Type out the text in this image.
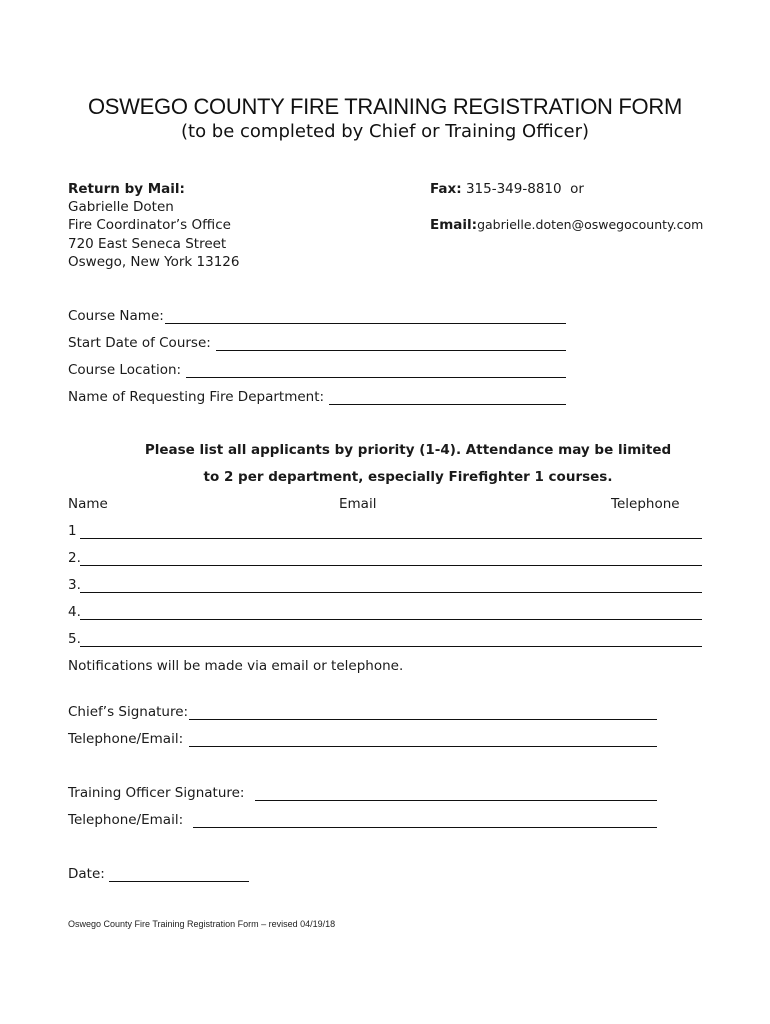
OSWEGO COUNTY FIRE TRAINING REGISTRATION FORM
(to be completed by Chief or Training Officer)
Return by Mail:
Gabrielle Doten
Fire Coordinator’s Office
720 East Seneca Street
Oswego, New York 13126
Fax: 315-349-8810  or
Email:gabrielle.doten@oswegocounty.com
Course Name:
Start Date of Course:
Course Location:
Name of Requesting Fire Department:
Please list all applicants by priority (1-4). Attendance may be limited
to 2 per department, especially Firefighter 1 courses.
Name	Email	Telephone
1
2.
3.
4.
5.
Notifications will be made via email or telephone.
Chief’s Signature:
Telephone/Email:
Training Officer Signature:
Telephone/Email:
Date:
Oswego County Fire Training Registration Form – revised 04/19/18
